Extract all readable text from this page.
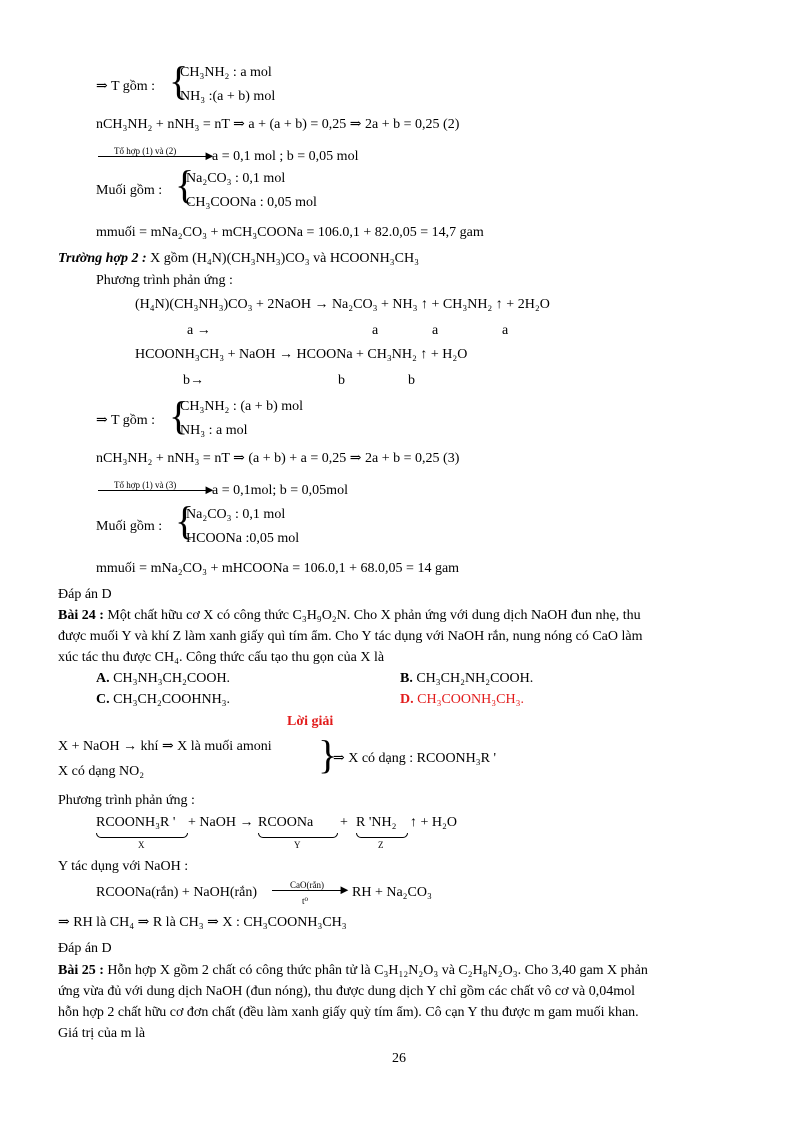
⇒ T gồm : {
CH₃NH₂ : a mol
NH₃ :(a + b) mol
nCH₃NH₂ + nNH₃ = nT ⇒ a + (a + b) = 0,25 ⇒ 2a + b = 0,25 (2)
Tổ hợp (1) và (2) ►
a = 0,1 mol ; b = 0,05 mol
Muối gồm : {
Na₂CO₃ : 0,1 mol
CH₃COONa : 0,05 mol
mmuối = mNa₂CO₃ + mCH₃COONa = 106.0,1 + 82.0,05 = 14,7 gam
Trường hợp 2 : X gồm (H₄N)(CH₃NH₃)CO₃ và HCOONH₃CH₃
Phương trình phản ứng :
(H₄N)(CH₃NH₃)CO₃ + 2NaOH → Na₂CO₃ + NH₃ ↑ + CH₃NH₂ ↑ + 2H₂O
a →	a	a	a
HCOONH₃CH₃ + NaOH → HCOONa + CH₃NH₂ ↑ + H₂O
b→	b	b
⇒ T gồm : {
CH₃NH₂ : (a + b) mol
NH₃ : a mol
nCH₃NH₂ + nNH₃ = nT ⇒ (a + b) + a = 0,25 ⇒ 2a + b = 0,25 (3)
Tổ hợp (1) và (3) ►
a = 0,1mol; b = 0,05mol
Muối gồm : {
Na₂CO₃ : 0,1 mol
HCOONa :0,05 mol
mmuối = mNa₂CO₃ + mHCOONa = 106.0,1 + 68.0,05 = 14 gam
Đáp án D
Bài 24 : Một chất hữu cơ X có công thức C₃H₉O₂N. Cho X phản ứng với dung dịch NaOH đun nhẹ, thu
được muối Y và khí Z làm xanh giấy quì tím ẩm. Cho Y tác dụng với NaOH rắn, nung nóng có CaO làm
xúc tác thu được CH₄. Công thức cấu tạo thu gọn của X là
A. CH₃NH₃CH₂COOH.	B. CH₃CH₂NH₂COOH.
C. CH₃CH₂COOHNH₃.	D. CH₃COONH₃CH₃.
Lời giải
X + NaOH → khí ⇒ X là muối amoni
X có dạng NO₂	{
⇒ X có dạng : RCOONH₃R '
Phương trình phản ứng :
RCOONH₃R '
X
+ NaOH → RCOONa
Y
+ R 'NH₂
Z
↑ + H₂O
Y tác dụng với NaOH :
RCOONa(rắn) + NaOH(rắn)	CaO(rắn) ►
t⁰
RH + Na₂CO₃
⇒ RH là CH₄ ⇒ R là CH₃ ⇒ X : CH₃COONH₃CH₃
Đáp án D
Bài 25 : Hỗn hợp X gồm 2 chất có công thức phân tử là C₃H₁₂N₂O₃ và C₂H₈N₂O₃. Cho 3,40 gam X phản
ứng vừa đủ với dung dịch NaOH (đun nóng), thu được dung dịch Y chỉ gồm các chất vô cơ và 0,04mol
hỗn hợp 2 chất hữu cơ đơn chất (đều làm xanh giấy quỳ tím ẩm). Cô cạn Y thu được m gam muối khan.
Giá trị của m là
26
